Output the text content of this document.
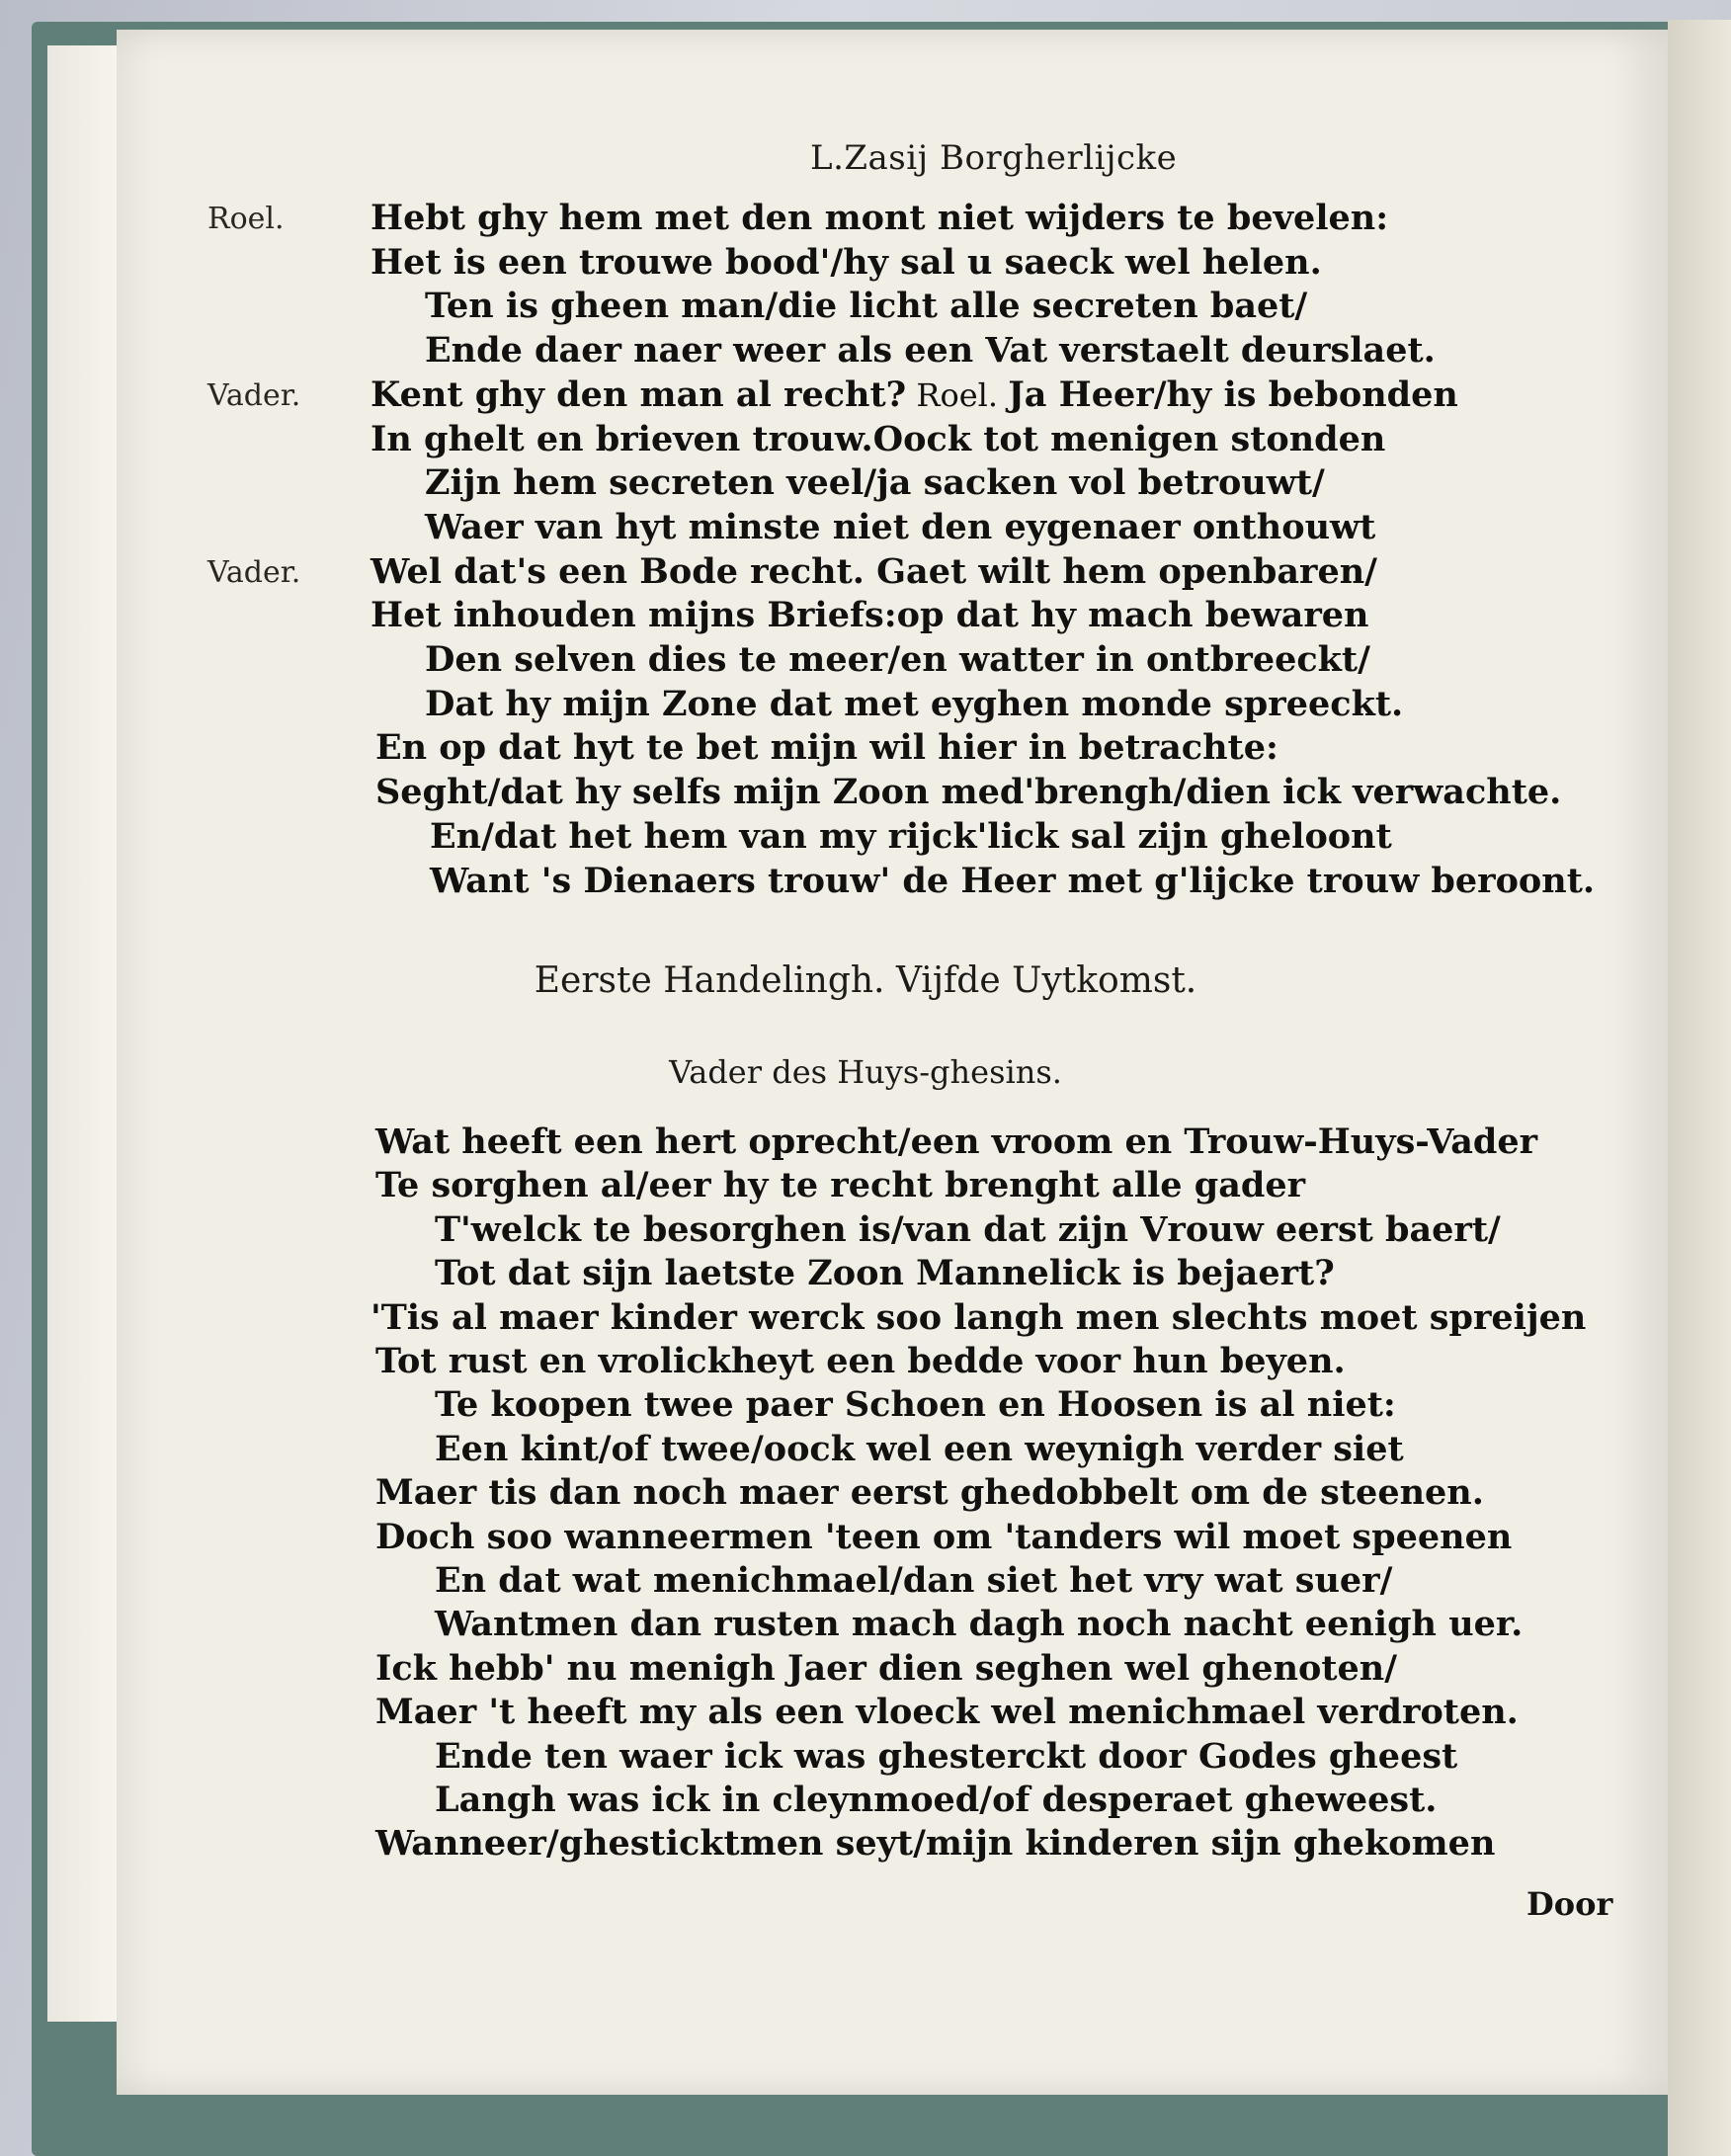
L.Zasij Borgherlijcke
Roel. Hebt ghy hem met den mont niet wijders te bevelen:
Het is een trouwe bood'/hy sal u saeck wel helen.
Ten is gheen man/die licht alle secreten baet/
Ende daer naer weer als een Vat verstaelt deurslaet.
Vader. Kent ghy den man al recht? Roel. Ja Heer/hy is bebonden
In ghelt en brieven trouw.Oock tot menigen stonden
Zijn hem secreten veel/ja sacken vol betrouwt/
Waer van hyt minste niet den eygenaer onthouwt
Vader. Wel dat's een Bode recht. Gaet wilt hem openbaren/
Het inhouden mijns Briefs:op dat hy mach bewaren
Den selven dies te meer/en watter in ontbreeckt/
Dat hy mijn Zone dat met eyghen monde spreeckt.
En op dat hyt te bet mijn wil hier in betrachte:
Seght/dat hy selfs mijn Zoon med'brengh/dien ick verwachte.
En/dat het hem van my rijck'lick sal zijn gheloont
Want 's Dienaers trouw' de Heer met g'lijcke trouw beroont.
Eerste Handelingh. Vijfde Uytkomst.
Vader des Huys-ghesins.
Wat heeft een hert oprecht/een vroom en Trouw-Huys-Vader
Te sorghen al/eer hy te recht brenght alle gader
T'welck te besorghen is/van dat zijn Vrouw eerst baert/
Tot dat sijn laetste Zoon Mannelick is bejaert?
'Tis al maer kinder werck soo langh men slechts moet spreijen
Tot rust en vrolickheyt een bedde voor hun beyen.
Te koopen twee paer Schoen en Hoosen is al niet:
Een kint/of twee/oock wel een weynigh verder siet
Maer tis dan noch maer eerst ghedobbelt om de steenen.
Doch soo wanneermen 'teen om 'tanders wil moet speenen
En dat wat menichmael/dan siet het vry wat suer/
Wantmen dan rusten mach dagh noch nacht eenigh uer.
Ick hebb' nu menigh Jaer dien seghen wel ghenoten/
Maer 't heeft my als een vloeck wel menichmael verdroten.
Ende ten waer ick was ghesterckt door Godes gheest
Langh was ick in cleynmoed/of desperaet gheweest.
Wanneer/ghesticktmen seyt/mijn kinderen sijn ghekomen
Door
